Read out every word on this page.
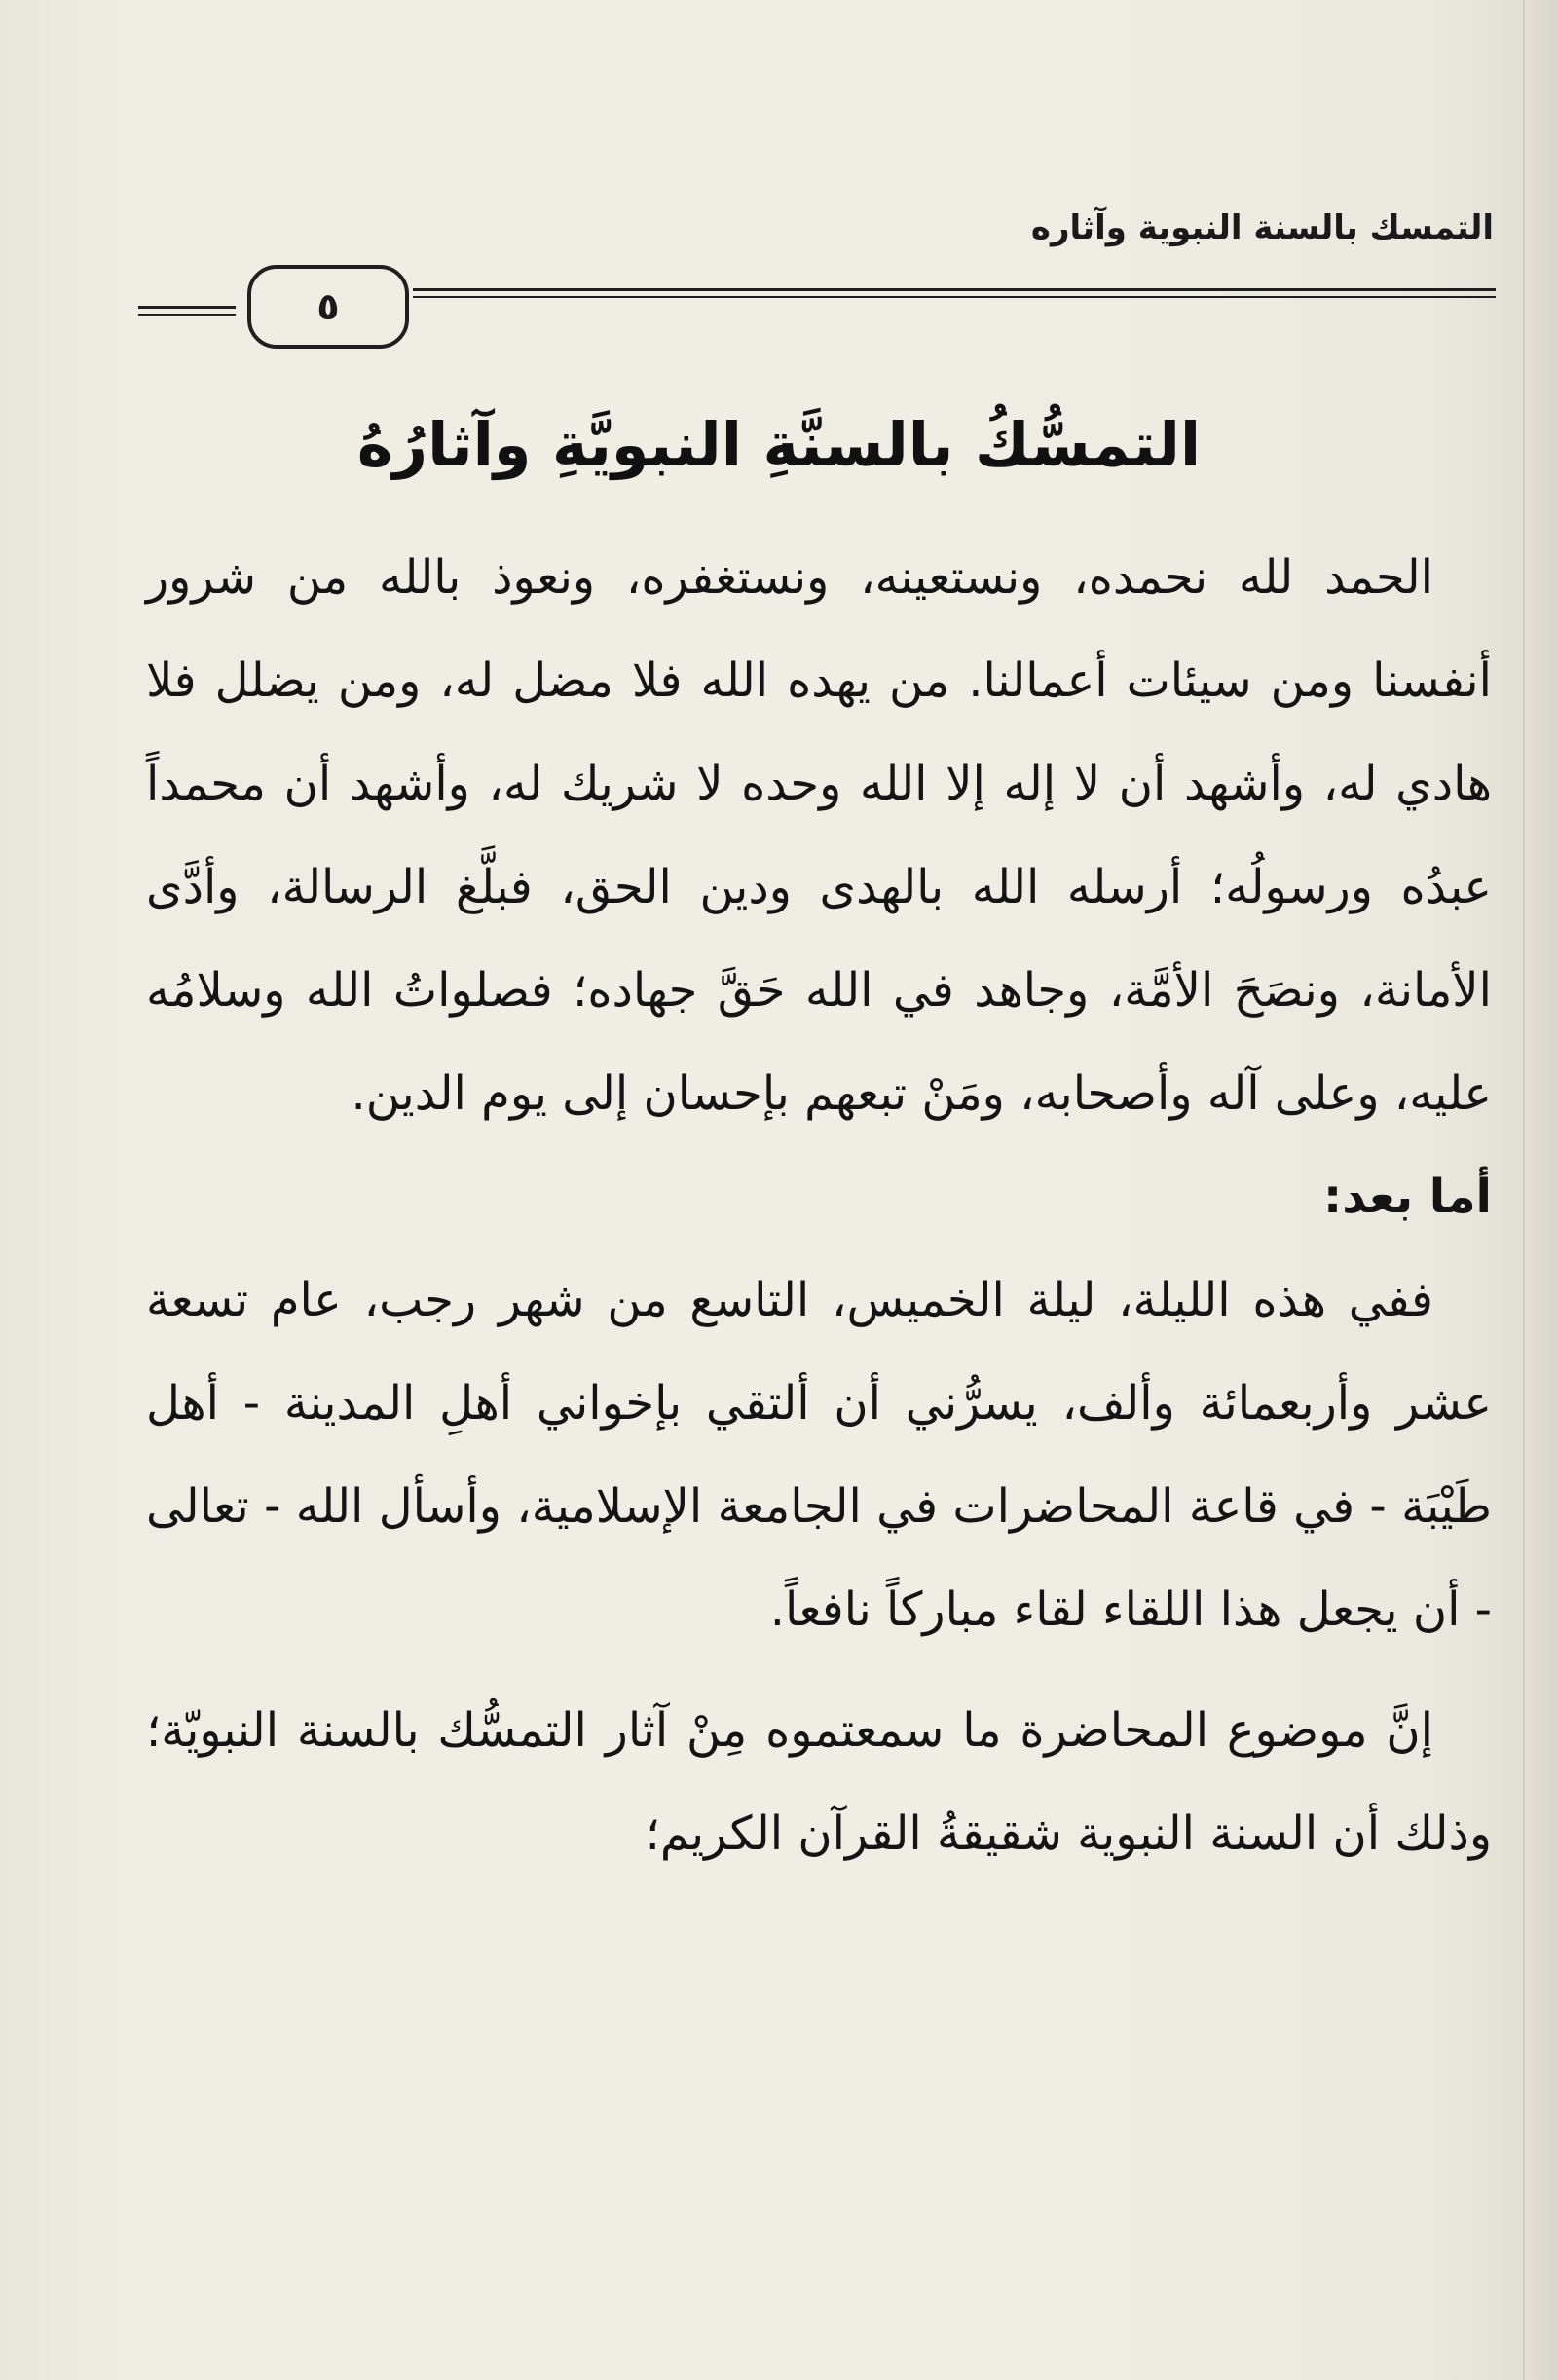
التمسك بالسنة النبوية وآثاره
٥
التمسُّكُ بالسنَّةِ النبويَّةِ وآثارُهُ

الحمد لله نحمده، ونستعينه، ونستغفره، ونعوذ بالله من شرور أنفسنا ومن سيئات أعمالنا. من يهده الله فلا مضل له، ومن يضلل فلا هادي له، وأشهد أن لا إله إلا الله وحده لا شريك له، وأشهد أن محمداً عبدُه ورسولُه؛ أرسله الله بالهدى ودين الحق، فبلَّغ الرسالة، وأدَّى الأمانة، ونصَحَ الأمَّة، وجاهد في الله حَقَّ جهاده؛ فصلواتُ الله وسلامُه عليه، وعلى آله وأصحابه، ومَنْ تبعهم بإحسان إلى يوم الدين.

أما بعد:

ففي هذه الليلة، ليلة الخميس، التاسع من شهر رجب، عام تسعة عشر وأربعمائة وألف، يسرُّني أن ألتقي بإخواني أهلِ المدينة - أهل طَيْبَة - في قاعة المحاضرات في الجامعة الإسلامية، وأسأل الله - تعالى - أن يجعل هذا اللقاء لقاء مباركاً نافعاً.

إنَّ موضوع المحاضرة ما سمعتموه مِنْ آثار التمسُّك بالسنة النبويّة؛ وذلك أن السنة النبوية شقيقةُ القرآن الكريم؛
